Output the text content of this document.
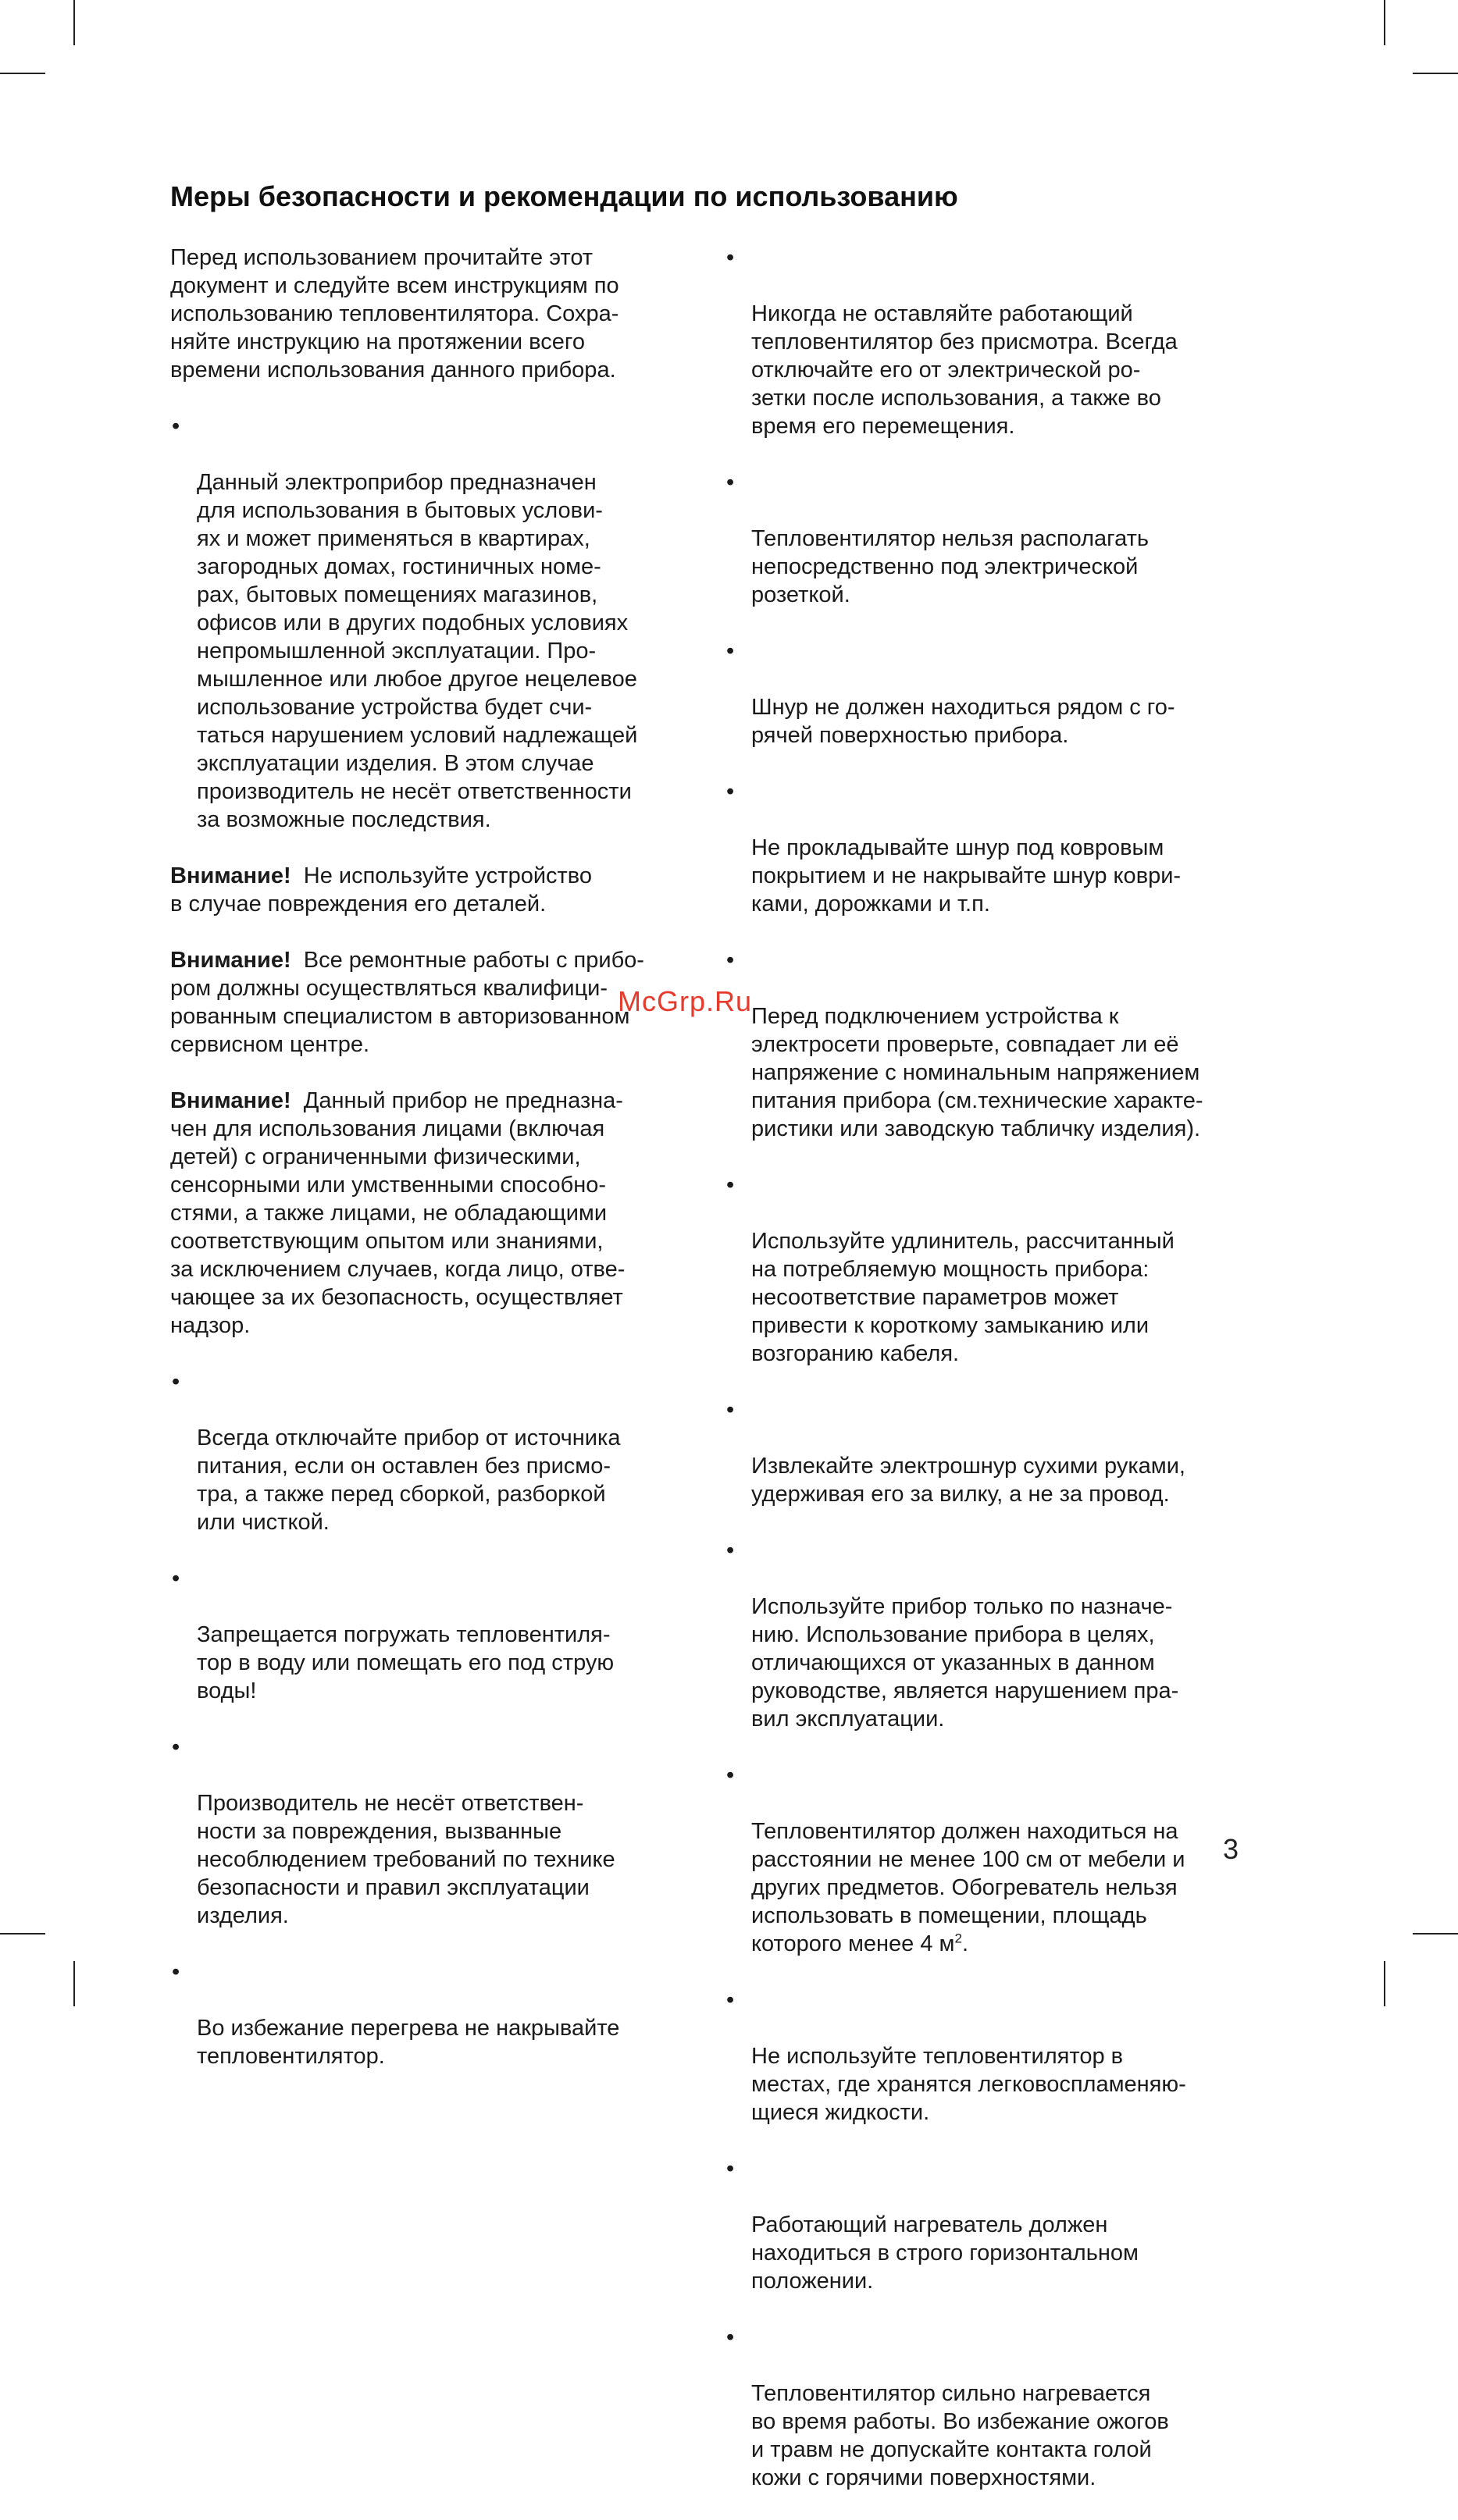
Меры безопасности и рекомендации по использованию

Перед использованием прочитайте этот
документ и следуйте всем инструкциям по
использованию тепловентилятора. Сохра-
няйте инструкцию на протяжении всего
времени использования данного прибора.

•

Данный электроприбор предназначен
для использования в бытовых услови-
ях и может применяться в квартирах,
загородных домах, гостиничных номе-
рах, бытовых помещениях магазинов,
офисов или в других подобных условиях
непромышленной эксплуатации. Про-
мышленное или любое другое нецелевое
использование устройства будет счи-
таться нарушением условий надлежащей
эксплуатации изделия. В этом случае
производитель не несёт ответственности
за возможные последствия.

Внимание! Не используйте устройство
в случае повреждения его деталей.

Внимание! Все ремонтные работы с прибо-
ром должны осуществляться квалифици-
рованным специалистом в авторизованном
сервисном центре.

Внимание! Данный прибор не предназна-
чен для использования лицами (включая
детей) с ограниченными физическими,
сенсорными или умственными способно-
стями, а также лицами, не обладающими
соответствующим опытом или знаниями,
за исключением случаев, когда лицо, отве-
чающее за их безопасность, осуществляет
надзор.

•

Всегда отключайте прибор от источника
питания, если он оставлен без присмо-
тра, а также перед сборкой, разборкой
или чисткой.

•

Запрещается погружать тепловентиля-
тор в воду или помещать его под струю
воды!

•

Производитель не несёт ответствен-
ности за повреждения, вызванные
несоблюдением требований по технике
безопасности и правил эксплуатации
изделия.

•

Во избежание перегрева не накрывайте
тепловентилятор.

•

Никогда не оставляйте работающий
тепловентилятор без присмотра. Всегда
отключайте его от электрической ро-
зетки после использования, а также во
время его перемещения.

•

Тепловентилятор нельзя располагать
непосредственно под электрической
розеткой.

•

Шнур не должен находиться рядом с го-
рячей поверхностью прибора.

•

Не прокладывайте шнур под ковровым
покрытием и не накрывайте шнур коври-
ками, дорожками и т.п.

•

Перед подключением устройства к
электросети проверьте, совпадает ли её
напряжение с номинальным напряжением
питания прибора (см.технические характе-
ристики или заводскую табличку изделия).

•

Используйте удлинитель, рассчитанный
на потребляемую мощность прибора:
несоответствие параметров может
привести к короткому замыканию или
возгоранию кабеля.

•

Извлекайте электрошнур сухими руками,
удерживая его за вилку, а не за провод.

•

Используйте прибор только по назначе-
нию. Использование прибора в целях,
отличающихся от указанных в данном
руководстве, является нарушением пра-
вил эксплуатации.

•

Тепловентилятор должен находиться на
расстоянии не менее 100 см от мебели и
других предметов. Обогреватель нельзя
использовать в помещении, площадь
которого менее 4 $м^2$.

•

Не используйте тепловентилятор в
местах, где хранятся легковоспламеняю-
щиеся жидкости.

•

Работающий нагреватель должен
находиться в строго горизонтальном
положении.

•

Тепловентилятор сильно нагревается
во время работы. Во избежание ожогов
и травм не допускайте контакта голой
кожи с горячими поверхностями.

McGrp.Ru
3
